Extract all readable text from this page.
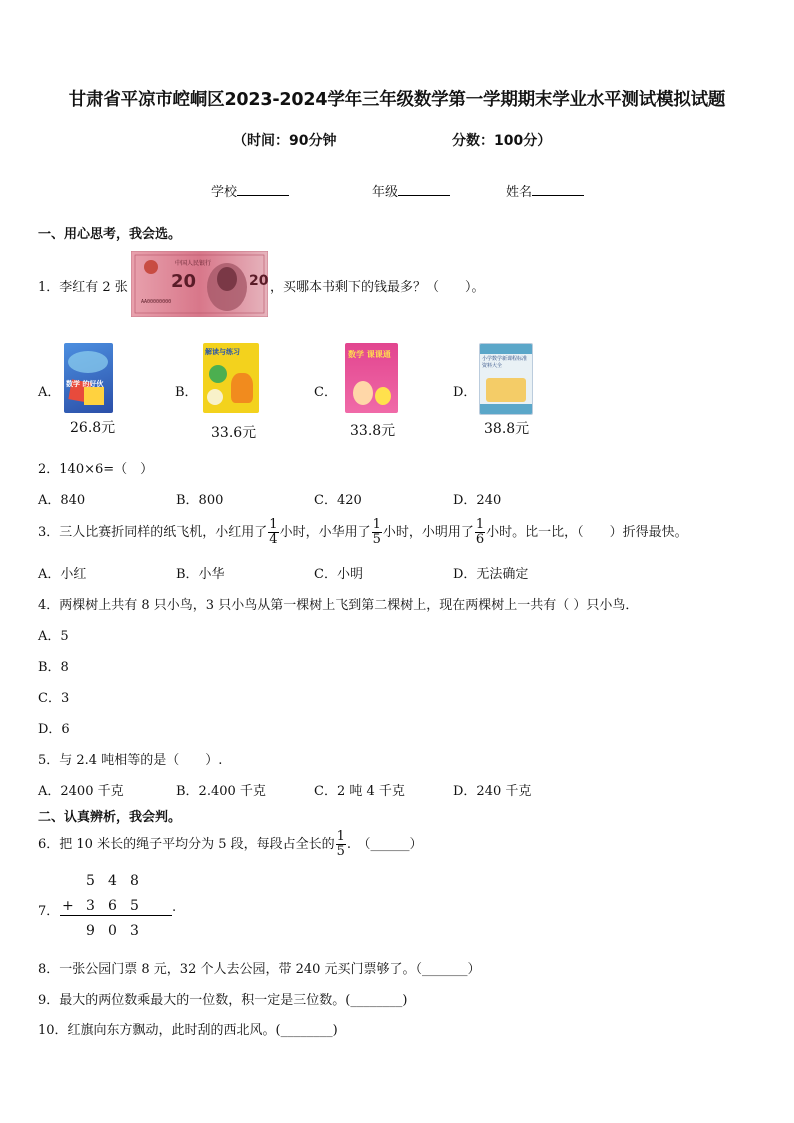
甘肃省平凉市崆峒区2023-2024学年三年级数学第一学期期末学业水平测试模拟试题
（时间：90分钟	分数：100分）
学校	年级	姓名
一、用心思考，我会选。
1．李红有 2 张
中国人民银行
20
AA00000000
20 ，买哪本书剩下的钱最多？（　　）。
A．
数学 的好伙
26.8元
B．
解读与练习
33.6元
C．
数学 课课通
33.8元
D．
小学数学新课程标准 资料大全
38.8元
2．140×6=（　）
A．840	B．800	C．420	D．240
3．三人比赛折同样的纸飞机，小红用了 $\frac{1}{4}$ 小时，小华用了 $\frac{1}{5}$ 小时，小明用了 $\frac{1}{6}$ 小时。比一比，（　　）折得最快。
A．小红	B．小华	C．小明	D．无法确定
4．两棵树上共有 8 只小鸟，3 只小鸟从第一棵树上飞到第二棵树上，现在两棵树上一共有（ ）只小鸟．
A．5
B．8
C．3
D．6
5．与 2.4 吨相等的是（　　）.
A．2400 千克	B．2.400 千克	C．2 吨 4 千克	D．240 千克
二、认真辨析，我会判。
6．把 10 米长的绳子平均分为 5 段，每段占全长的 $\frac{1}{5}$ .　（______）
7．
5 4 8
+ 3 6 5	.
9 0 3
8．一张公园门票 8 元，32 个人去公园，带 240 元买门票够了。（_______）
9．最大的两位数乘最大的一位数，积一定是三位数。(________)
10．红旗向东方飘动，此时刮的西北风。(________)
